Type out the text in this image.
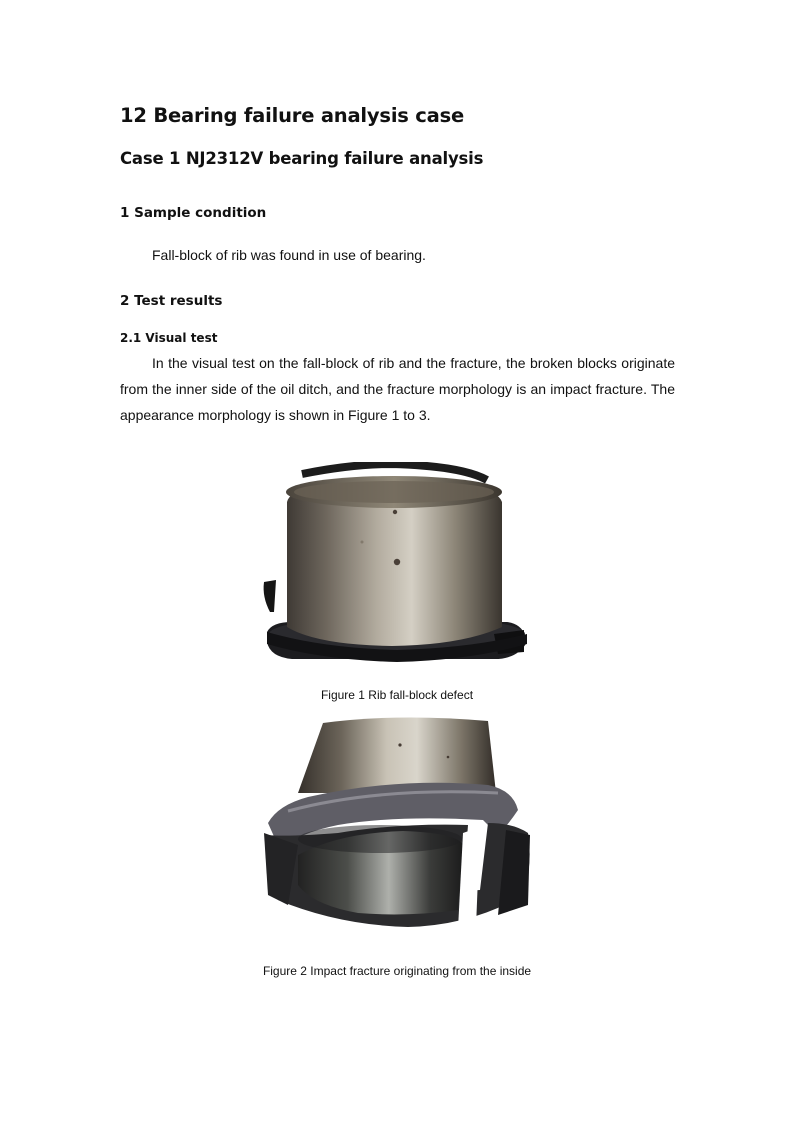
12 Bearing failure analysis case
Case 1 NJ2312V bearing failure analysis
1 Sample condition
Fall-block of rib was found in use of bearing.
2 Test results
2.1 Visual test

In the visual test on the fall-block of rib and the fracture, the broken blocks originate from the inner side of the oil ditch, and the fracture morphology is an impact fracture. The appearance morphology is shown in Figure 1 to 3.

Figure 1 Rib fall-block defect
Figure 2 Impact fracture originating from the inside
